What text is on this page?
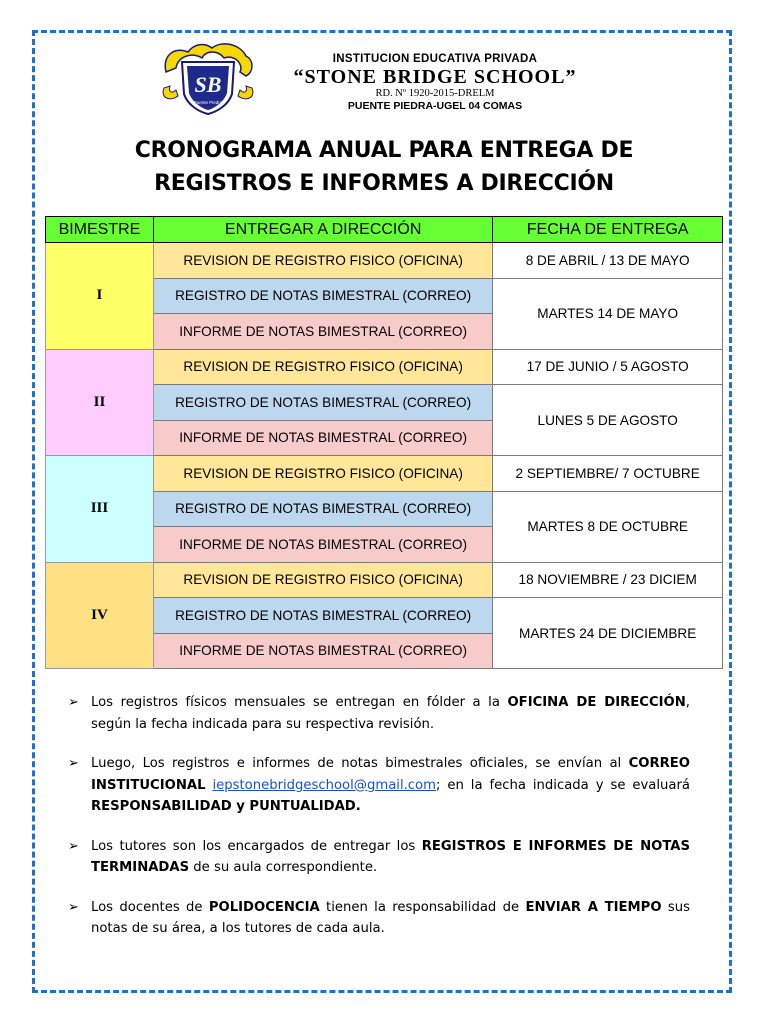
SB
Puente Piedra
INSTITUCION EDUCATIVA PRIVADA
“STONE BRIDGE SCHOOL”
RD. Nº 1920-2015-DRELM
PUENTE PIEDRA-UGEL 04 COMAS
CRONOGRAMA ANUAL PARA ENTREGA DE
REGISTROS E INFORMES A DIRECCIÓN
BIMESTRE	ENTREGAR A DIRECCIÓN	FECHA DE ENTREGA
I	REVISION DE REGISTRO FISICO (OFICINA)	8 DE ABRIL / 13 DE MAYO
	REGISTRO DE NOTAS BIMESTRAL (CORREO)	MARTES 14 DE MAYO
	INFORME DE NOTAS BIMESTRAL (CORREO)	
II	REVISION DE REGISTRO FISICO (OFICINA)	17 DE JUNIO / 5 AGOSTO
	REGISTRO DE NOTAS BIMESTRAL (CORREO)	LUNES 5 DE AGOSTO
	INFORME DE NOTAS BIMESTRAL (CORREO)	
III	REVISION DE REGISTRO FISICO (OFICINA)	2 SEPTIEMBRE/ 7 OCTUBRE
	REGISTRO DE NOTAS BIMESTRAL (CORREO)	MARTES 8 DE OCTUBRE
	INFORME DE NOTAS BIMESTRAL (CORREO)	
IV	REVISION DE REGISTRO FISICO (OFICINA)	18 NOVIEMBRE / 23 DICIEM
	REGISTRO DE NOTAS BIMESTRAL (CORREO)	MARTES 24 DE DICIEMBRE
	INFORME DE NOTAS BIMESTRAL (CORREO)	
➢ Los registros físicos mensuales se entregan en fólder a la OFICINA DE DIRECCIÓN, según la fecha indicada para su respectiva revisión.
➢ Luego, Los registros e informes de notas bimestrales oficiales, se envían al CORREO INSTITUCIONAL iepstonebridgeschool@gmail.com; en la fecha indicada y se evaluará RESPONSABILIDAD y PUNTUALIDAD.
➢ Los tutores son los encargados de entregar los REGISTROS E INFORMES DE NOTAS TERMINADAS de su aula correspondiente.
➢ Los docentes de POLIDOCENCIA tienen la responsabilidad de ENVIAR A TIEMPO sus notas de su área, a los tutores de cada aula.
